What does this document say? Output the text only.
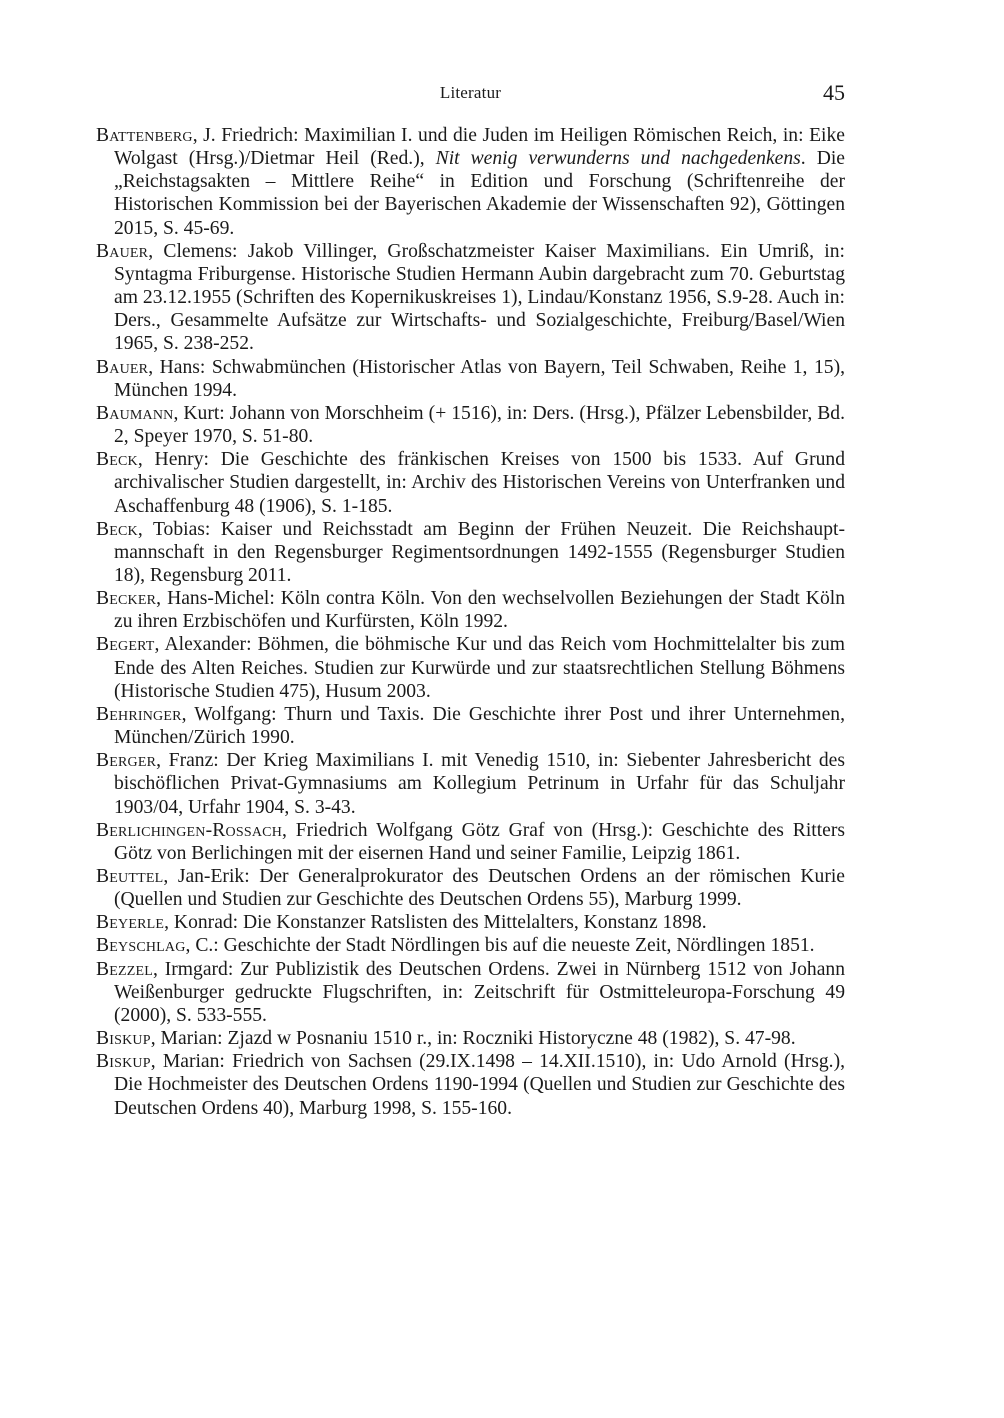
Literatur	45
Battenberg, J. Friedrich: Maximilian I. und die Juden im Heiligen Römischen Reich, in: Eike Wolgast (Hrsg.)/Dietmar Heil (Red.), Nit wenig verwunderns und nachgedenkens. Die „Reichstagsakten – Mittlere Reihe“ in Edition und Forschung (Schriftenreihe der Historischen Kommission bei der Bayerischen Akademie der Wissenschaften 92), Göttingen 2015, S. 45-69.
Bauer, Clemens: Jakob Villinger, Großschatzmeister Kaiser Maximilians. Ein Umriß, in: Syntagma Friburgense. Historische Studien Hermann Aubin dargebracht zum 70. Geburtstag am 23.12.1955 (Schriften des Kopernikuskreises 1), Lindau/Konstanz 1956, S.9-28. Auch in: Ders., Gesammelte Aufsätze zur Wirtschafts- und Sozialgeschichte, Freiburg/Basel/Wien 1965, S. 238-252.
Bauer, Hans: Schwabmünchen (Historischer Atlas von Bayern, Teil Schwaben, Reihe 1, 15), München 1994.
Baumann, Kurt: Johann von Morschheim (+ 1516), in: Ders. (Hrsg.), Pfälzer Lebensbilder, Bd. 2, Speyer 1970, S. 51-80.
Beck, Henry: Die Geschichte des fränkischen Kreises von 1500 bis 1533. Auf Grund archivalischer Studien dargestellt, in: Archiv des Historischen Vereins von Unterfranken und Aschaffenburg 48 (1906), S. 1-185.
Beck, Tobias: Kaiser und Reichsstadt am Beginn der Frühen Neuzeit. Die Reichshauptmannschaft in den Regensburger Regimentsordnungen 1492-1555 (Regensburger Studien 18), Regensburg 2011.
Becker, Hans-Michel: Köln contra Köln. Von den wechselvollen Beziehungen der Stadt Köln zu ihren Erzbischöfen und Kurfürsten, Köln 1992.
Begert, Alexander: Böhmen, die böhmische Kur und das Reich vom Hochmittelalter bis zum Ende des Alten Reiches. Studien zur Kurwürde und zur staatsrechtlichen Stellung Böhmens (Historische Studien 475), Husum 2003.
Behringer, Wolfgang: Thurn und Taxis. Die Geschichte ihrer Post und ihrer Unternehmen, München/Zürich 1990.
Berger, Franz: Der Krieg Maximilians I. mit Venedig 1510, in: Siebenter Jahresbericht des bischöflichen Privat-Gymnasiums am Kollegium Petrinum in Urfahr für das Schuljahr 1903/04, Urfahr 1904, S. 3-43.
Berlichingen-Rossach, Friedrich Wolfgang Götz Graf von (Hrsg.): Geschichte des Ritters Götz von Berlichingen mit der eisernen Hand und seiner Familie, Leipzig 1861.
Beuttel, Jan-Erik: Der Generalprokurator des Deutschen Ordens an der römischen Kurie (Quellen und Studien zur Geschichte des Deutschen Ordens 55), Marburg 1999.
Beyerle, Konrad: Die Konstanzer Ratslisten des Mittelalters, Konstanz 1898.
Beyschlag, C.: Geschichte der Stadt Nördlingen bis auf die neueste Zeit, Nördlingen 1851.
Bezzel, Irmgard: Zur Publizistik des Deutschen Ordens. Zwei in Nürnberg 1512 von Johann Weißenburger gedruckte Flugschriften, in: Zeitschrift für Ostmitteleuropa-Forschung 49 (2000), S. 533-555.
Biskup, Marian: Zjazd w Posnaniu 1510 r., in: Roczniki Historyczne 48 (1982), S. 47-98.
Biskup, Marian: Friedrich von Sachsen (29.IX.1498 – 14.XII.1510), in: Udo Arnold (Hrsg.), Die Hochmeister des Deutschen Ordens 1190-1994 (Quellen und Studien zur Geschichte des Deutschen Ordens 40), Marburg 1998, S. 155-160.
